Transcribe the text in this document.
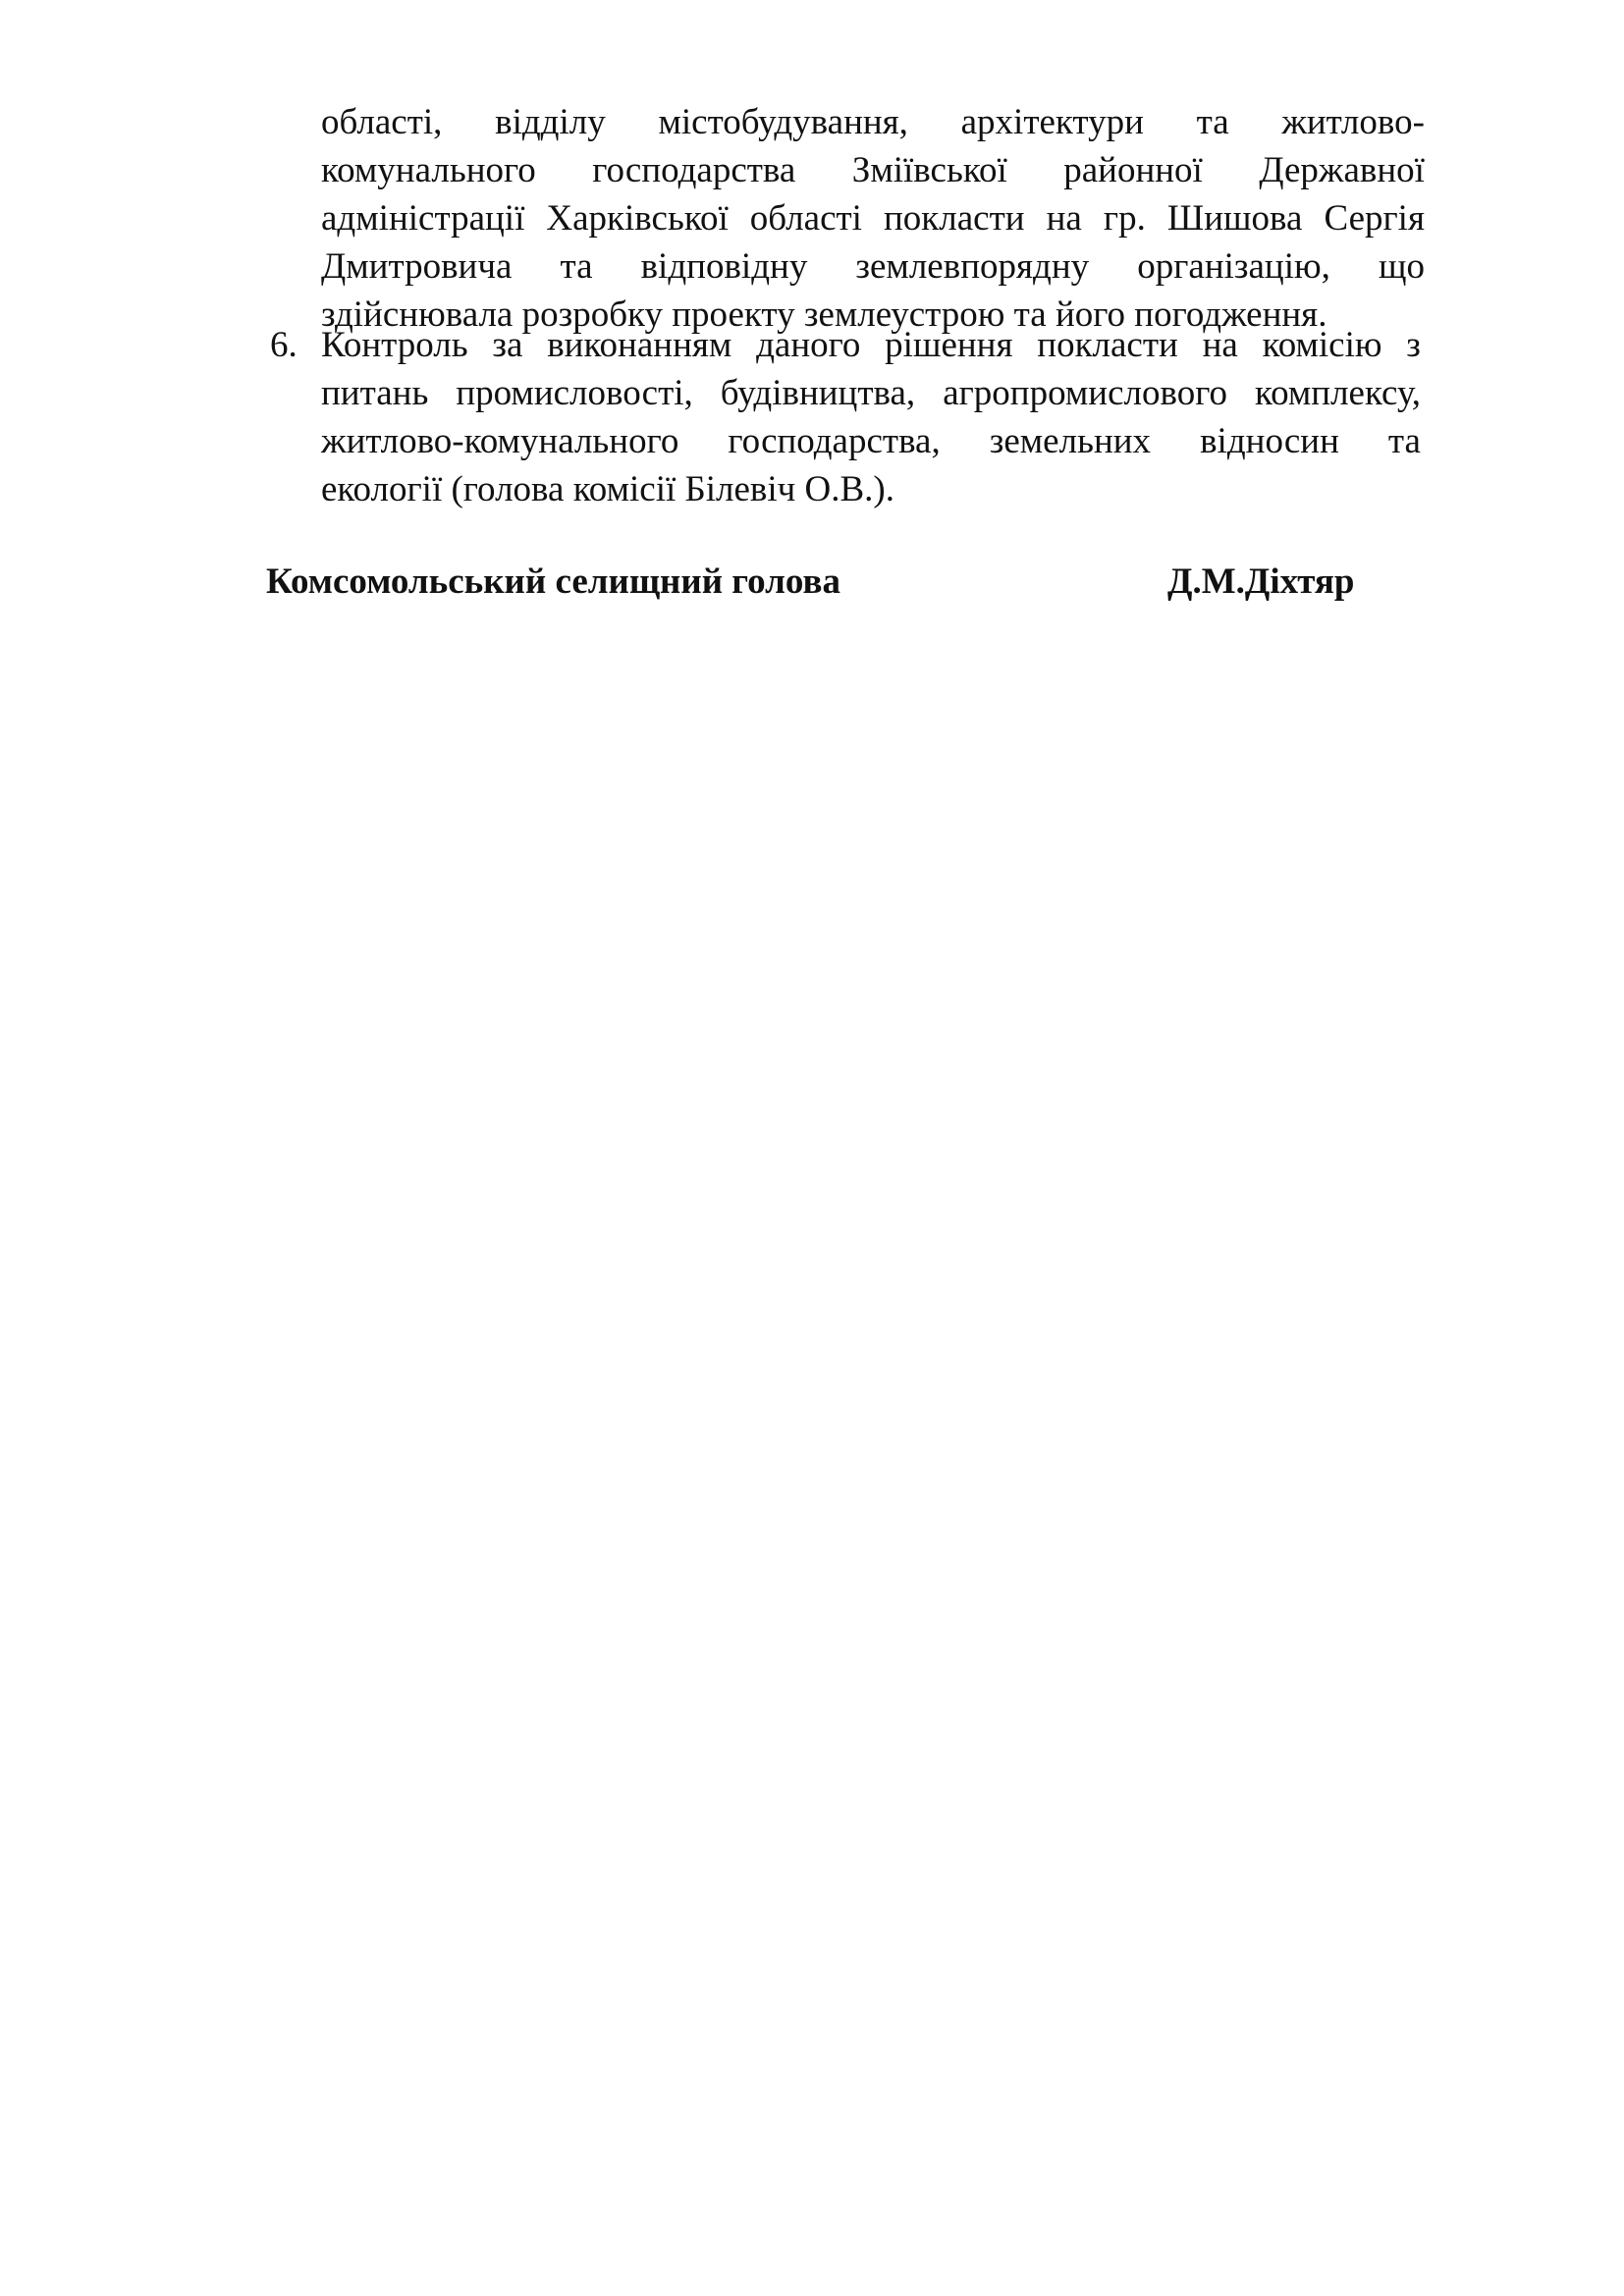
області, відділу містобудування, архітектури та житлово-
комунального господарства Зміївської районної Державної
адміністрації Харківської області покласти на гр. Шишова Сергія
Дмитровича та відповідну землевпорядну організацію, що
здійснювала розробку проекту землеустрою та його погодження.
6. Контроль за виконанням даного рішення покласти на комісію з
питань промисловості, будівництва, агропромислового комплексу,
житлово-комунального господарства, земельних відносин та
екології (голова комісії Білевіч О.В.).
Комсомольський селищний голова	Д.М.Діхтяр
